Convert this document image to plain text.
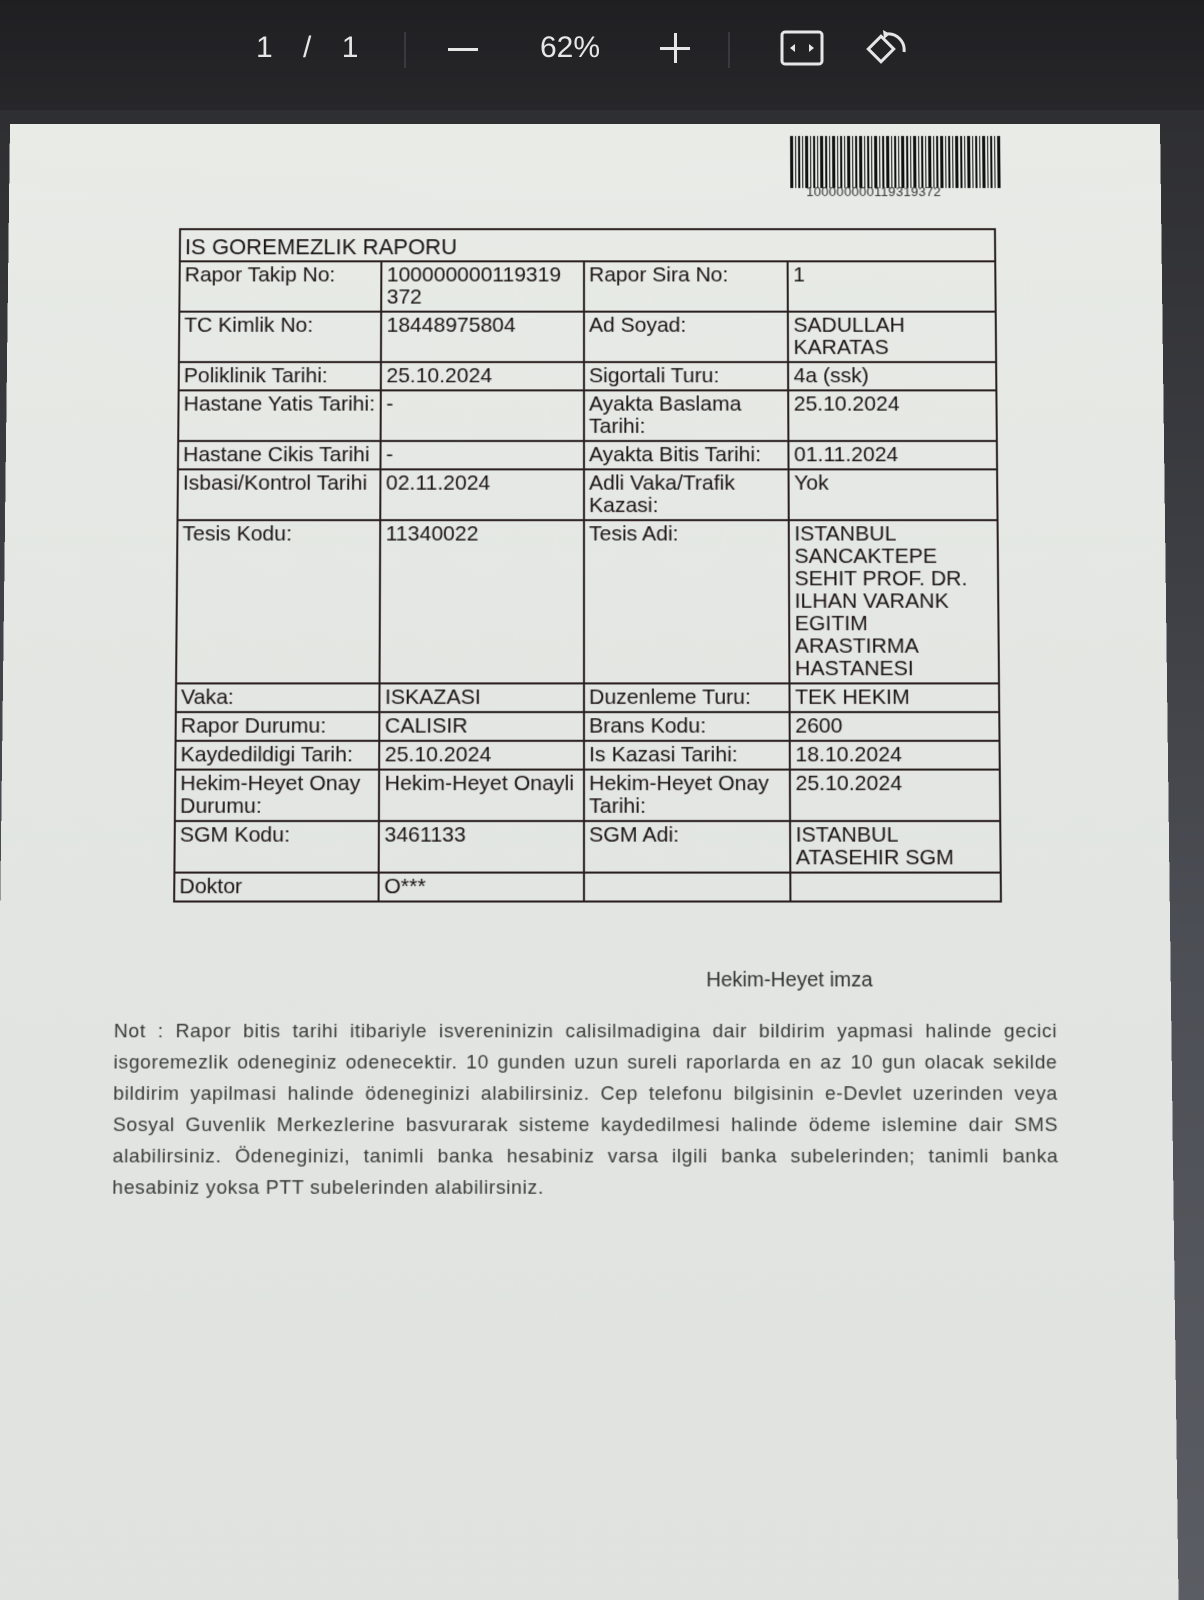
1 / 1	62%
100000000119319372
IS GOREMEZLIK RAPORU			
Rapor Takip No:	100000000119319 372	Rapor Sira No:	1
TC Kimlik No:	18448975804	Ad Soyad:	SADULLAH KARATAS
Poliklinik Tarihi:	25.10.2024	Sigortali Turu:	4a (ssk)
Hastane Yatis Tarihi:	-	Ayakta Baslama Tarihi:	25.10.2024
Hastane Cikis Tarihi	-	Ayakta Bitis Tarihi:	01.11.2024
Isbasi/Kontrol Tarihi	02.11.2024	Adli Vaka/Trafik Kazasi:	Yok
Tesis Kodu:	11340022	Tesis Adi:	ISTANBUL SANCAKTEPE SEHIT PROF. DR. ILHAN VARANK EGITIM ARASTIRMA HASTANESI
Vaka:	ISKAZASI	Duzenleme Turu:	TEK HEKIM
Rapor Durumu:	CALISIR	Brans Kodu:	2600
Kaydedildigi Tarih:	25.10.2024	Is Kazasi Tarihi:	18.10.2024
Hekim-Heyet Onay Durumu:	Hekim-Heyet Onayli	Hekim-Heyet Onay Tarihi:	25.10.2024
SGM Kodu:	3461133	SGM Adi:	ISTANBUL ATASEHIR SGM
Doktor	O***		
Hekim-Heyet imza
Not : Rapor bitis tarihi itibariyle isvereninizin calisilmadigina dair bildirim yapmasi halinde gecici isgoremezlik odeneginiz odenecektir. 10 gunden uzun sureli raporlarda en az 10 gun olacak sekilde bildirim yapilmasi halinde ödeneginizi alabilirsiniz. Cep telefonu bilgisinin e-Devlet uzerinden veya Sosyal Guvenlik Merkezlerine basvurarak sisteme kaydedilmesi halinde ödeme islemine dair SMS alabilirsiniz. Ödeneginizi, tanimli banka hesabiniz varsa ilgili banka subelerinden; tanimli banka hesabiniz yoksa PTT subelerinden alabilirsiniz.
